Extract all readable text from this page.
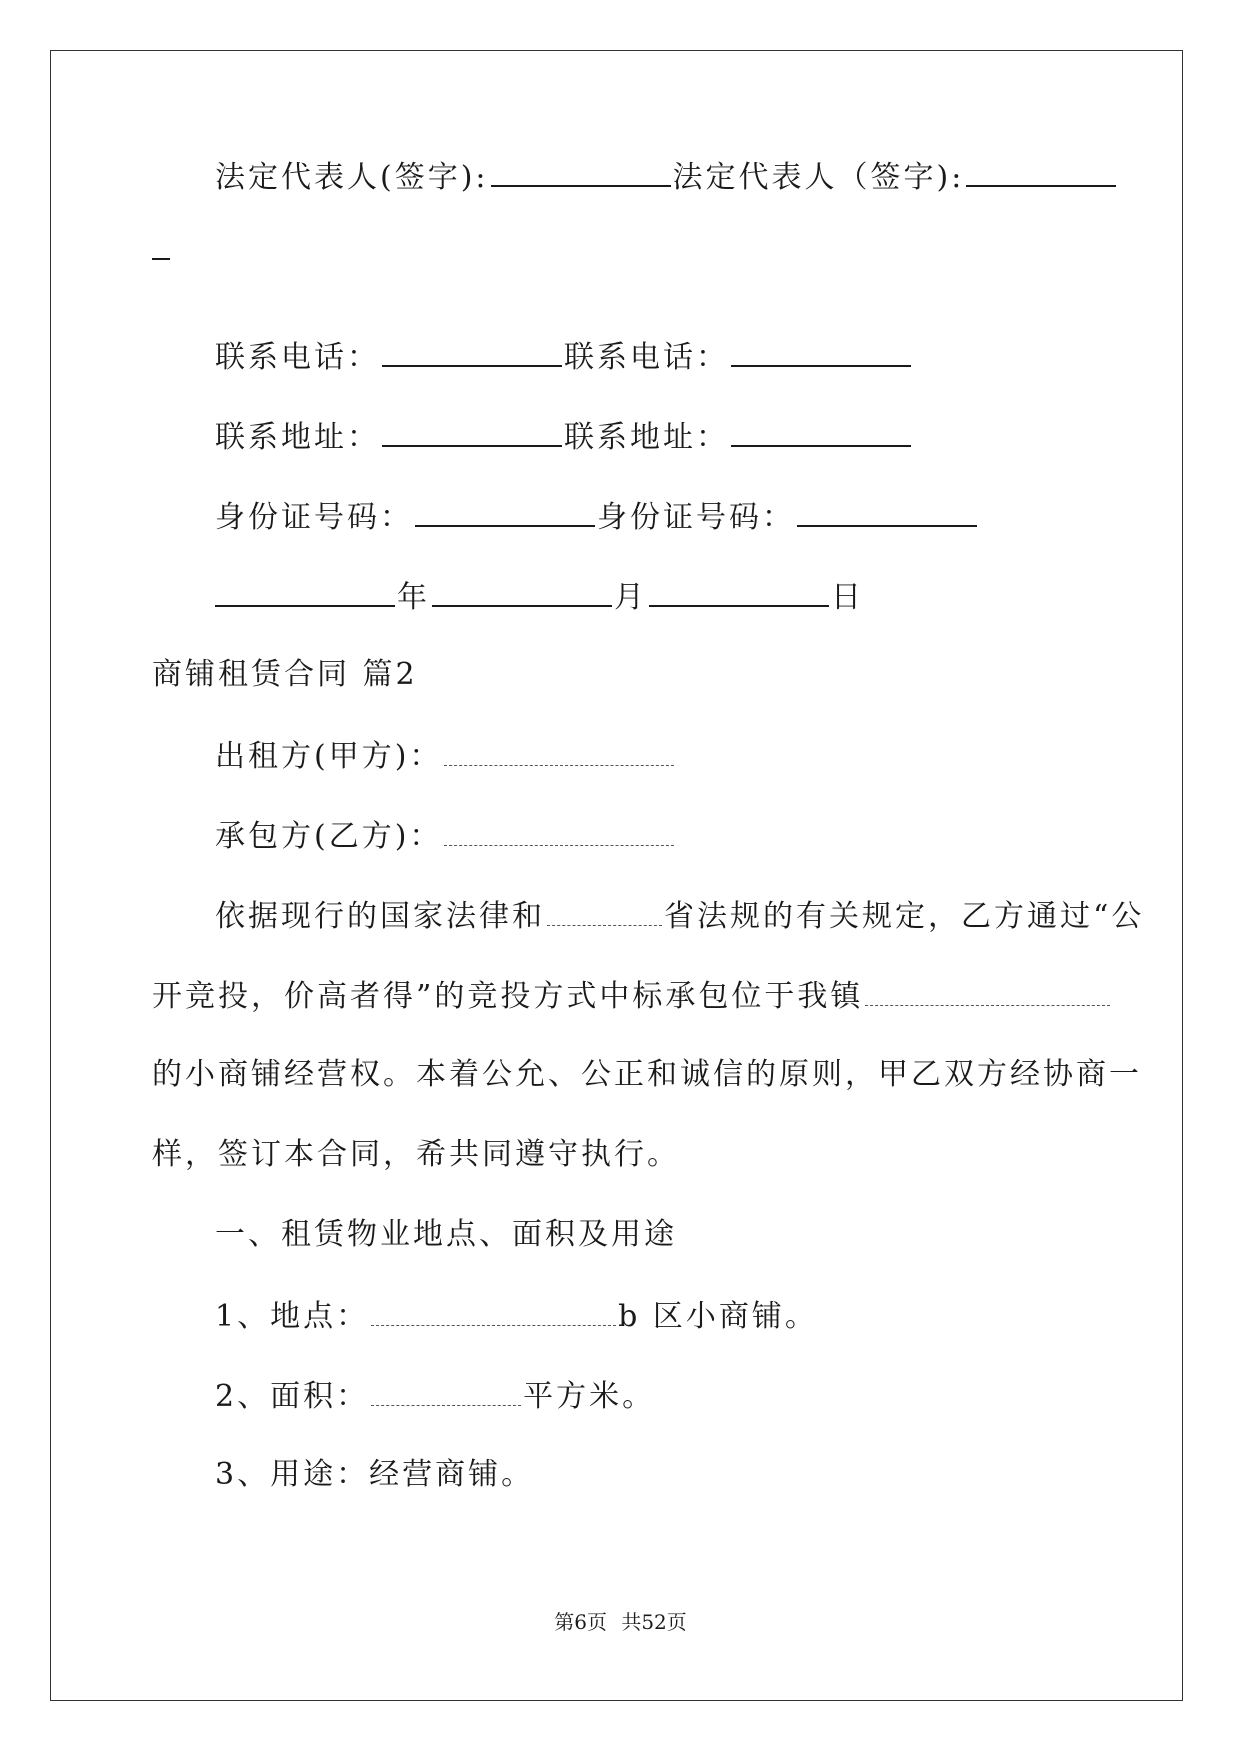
法定代表人(签字):	法定代表人（签字):
联系电话：	联系电话：
联系地址：	联系地址：
身份证号码：	身份证号码：
年	月	日
商铺租赁合同 篇2
出租方(甲方)：
承包方(乙方)：
依据现行的国家法律和	省法规的有关规定，乙方通过“公
开竞投，价高者得”的竞投方式中标承包位于我镇
的小商铺经营权。本着公允、公正和诚信的原则，甲乙双方经协商一
样，签订本合同，希共同遵守执行。
一、租赁物业地点、面积及用途
1、地点：	b 区小商铺。
2、面积：	平方米。
3、用途：经营商铺。
第6页 共52页
